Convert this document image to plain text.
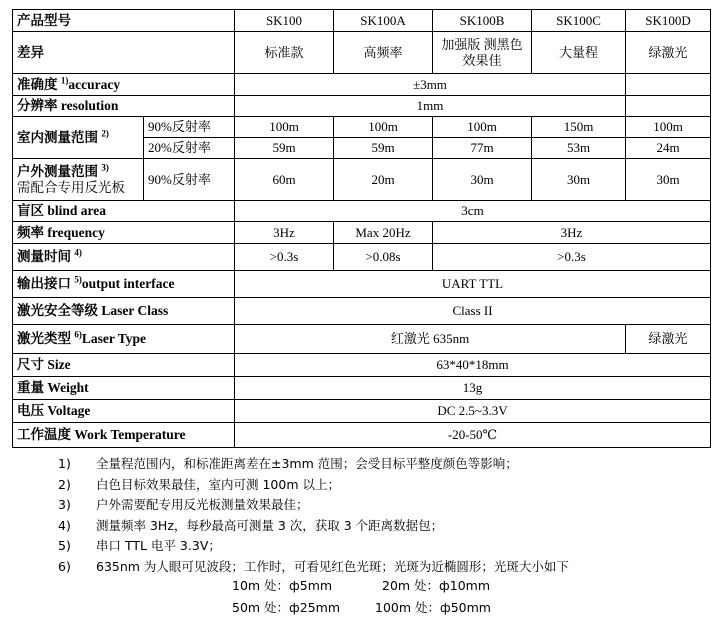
产品型号		SK100	SK100A	SK100B	SK100C	SK100D
差异		标准款	高频率	加强版 测黑色效果佳	大量程	绿激光
准确度 $^{1)}$accuracy		±3mm				
分辨率 resolution		1mm				
室内测量范围 $^{2)}$	90%反射率	100m	100m	100m	150m	100m
	20%反射率	59m	59m	77m	53m	24m
户外测量范围 $^{3)}$
需配合专用反光板	90%反射率	60m	20m	30m	30m	30m
盲区 blind area		3cm				
频率 frequency		3Hz	Max 20Hz	3Hz		
测量时间 $^{4)}$		>0.3s	>0.08s	>0.3s		
输出接口 $^{5)}$output interface		UART TTL				
激光安全等级 Laser Class		Class II				
激光类型 $^{6)}$Laser Type		红激光 635nm				绿激光
尺寸 Size		63*40*18mm				
重量 Weight		13g				
电压 Voltage		DC 2.5~3.3V				
工作温度 Work Temperature		-20-50℃				
1)	全量程范围内，和标准距离差在±3mm 范围；会受目标平整度颜色等影响；
2)	白色目标效果最佳，室内可测 100m 以上；
3)	户外需要配专用反光板测量效果最佳；
4)	测量频率 3Hz，每秒最高可测量 3 次，获取 3 个距离数据包；
5)	串口 TTL 电平 3.3V；
6)	635nm 为人眼可见波段；工作时，可看见红色光斑；光斑为近椭圆形；光斑大小如下
10m 处：ф5mm	20m 处：ф10mm
50m 处：ф25mm	100m 处：ф50mm
